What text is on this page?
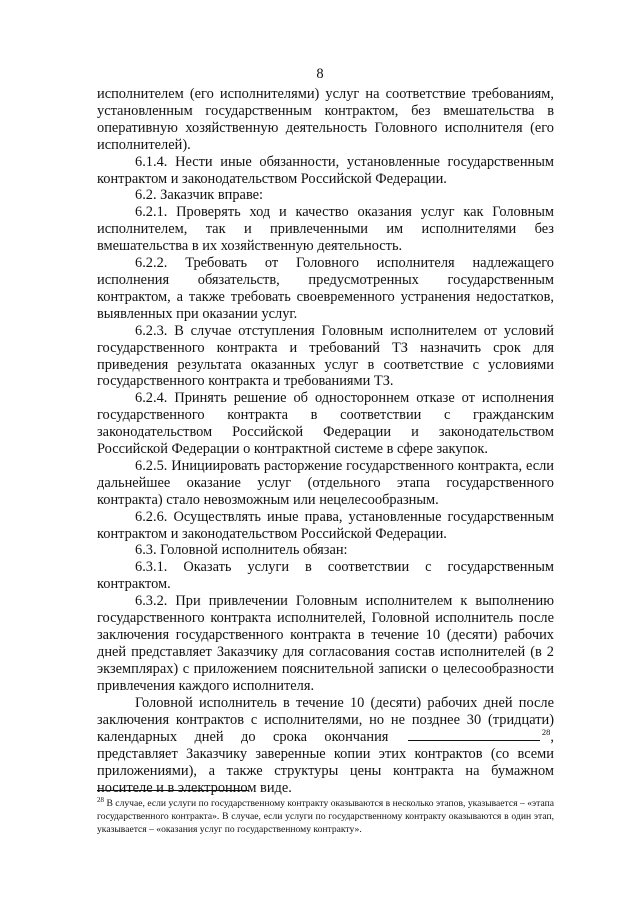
8

исполнителем (его исполнителями) услуг на соответствие требованиям, установленным государственным контрактом, без вмешательства в оперативную хозяйственную деятельность Головного исполнителя (его исполнителей).

6.1.4. Нести иные обязанности, установленные государственным контрактом и законодательством Российской Федерации.

6.2. Заказчик вправе:

6.2.1. Проверять ход и качество оказания услуг как Головным исполнителем, так и привлеченными им исполнителями без вмешательства в их хозяйственную деятельность.

6.2.2. Требовать от Головного исполнителя надлежащего исполнения обязательств, предусмотренных государственным контрактом, а также требовать своевременного устранения недостатков, выявленных при оказании услуг.

6.2.3. В случае отступления Головным исполнителем от условий государственного контракта и требований ТЗ назначить срок для приведения результата оказанных услуг в соответствие с условиями государственного контракта и требованиями ТЗ.

6.2.4. Принять решение об одностороннем отказе от исполнения государственного контракта в соответствии с гражданским законодательством Российской Федерации и законодательством Российской Федерации о контрактной системе в сфере закупок.

6.2.5. Инициировать расторжение государственного контракта, если дальнейшее оказание услуг (отдельного этапа государственного контракта) стало невозможным или нецелесообразным.

6.2.6. Осуществлять иные права, установленные государственным контрактом и законодательством Российской Федерации.

6.3. Головной исполнитель обязан:

6.3.1. Оказать услуги в соответствии с государственным контрактом.

6.3.2. При привлечении Головным исполнителем к выполнению государственного контракта исполнителей, Головной исполнитель после заключения государственного контракта в течение 10 (десяти) рабочих дней представляет Заказчику для согласования состав исполнителей (в 2 экземплярах) с приложением пояснительной записки о целесообразности привлечения каждого исполнителя.

Головной исполнитель в течение 10 (десяти) рабочих дней после заключения контрактов с исполнителями, но не позднее 30 (тридцати) календарных дней до срока окончания	$^{28}$, представляет Заказчику заверенные копии этих контрактов (со всеми приложениями), а также структуры цены контракта на бумажном носителе и в электронном виде.

$^{28}$ В случае, если услуги по государственному контракту оказываются в несколько этапов, указывается – «этапа государственного контракта». В случае, если услуги по государственному контракту оказываются в один этап, указывается – «оказания услуг по государственному контракту».
